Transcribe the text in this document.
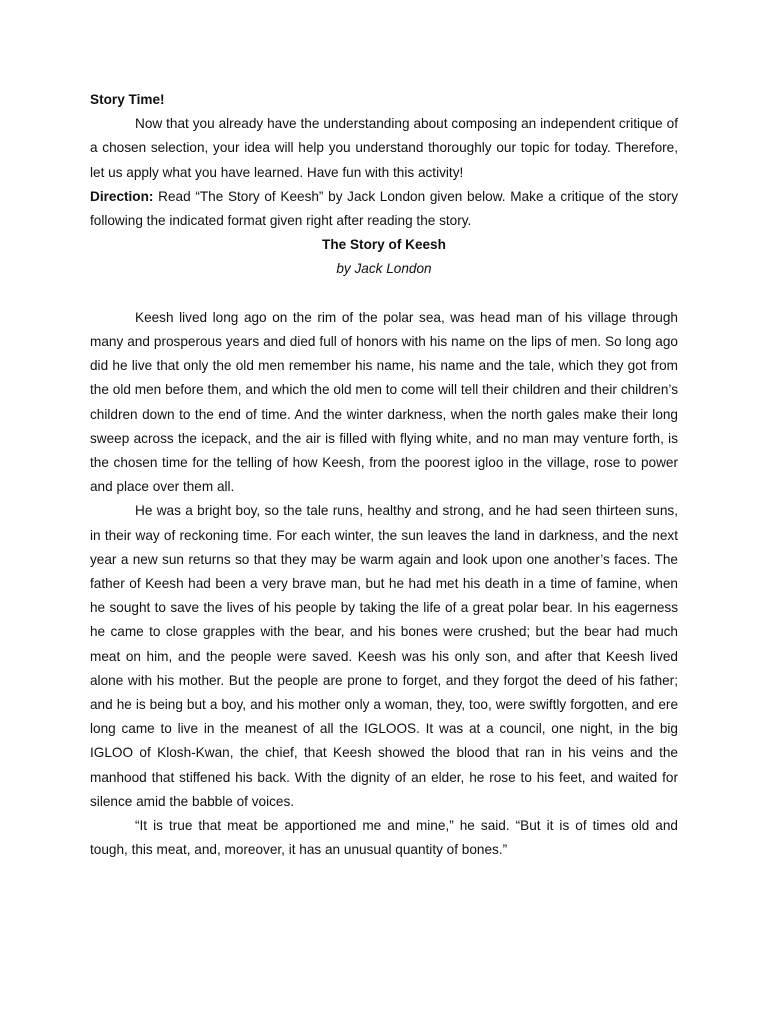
Story Time!

Now that you already have the understanding about composing an independent critique of a chosen selection, your idea will help you understand thoroughly our topic for today. Therefore, let us apply what you have learned. Have fun with this activity!

Direction: Read “The Story of Keesh” by Jack London given below. Make a critique of the story following the indicated format given right after reading the story.

The Story of Keesh

by Jack London

Keesh lived long ago on the rim of the polar sea, was head man of his village through many and prosperous years and died full of honors with his name on the lips of men. So long ago did he live that only the old men remember his name, his name and the tale, which they got from the old men before them, and which the old men to come will tell their children and their children’s children down to the end of time. And the winter darkness, when the north gales make their long sweep across the icepack, and the air is filled with flying white, and no man may venture forth, is the chosen time for the telling of how Keesh, from the poorest igloo in the village, rose to power and place over them all.

He was a bright boy, so the tale runs, healthy and strong, and he had seen thirteen suns, in their way of reckoning time. For each winter, the sun leaves the land in darkness, and the next year a new sun returns so that they may be warm again and look upon one another’s faces. The father of Keesh had been a very brave man, but he had met his death in a time of famine, when he sought to save the lives of his people by taking the life of a great polar bear. In his eagerness he came to close grapples with the bear, and his bones were crushed; but the bear had much meat on him, and the people were saved. Keesh was his only son, and after that Keesh lived alone with his mother. But the people are prone to forget, and they forgot the deed of his father; and he is being but a boy, and his mother only a woman, they, too, were swiftly forgotten, and ere long came to live in the meanest of all the IGLOOS. It was at a council, one night, in the big IGLOO of Klosh-Kwan, the chief, that Keesh showed the blood that ran in his veins and the manhood that stiffened his back. With the dignity of an elder, he rose to his feet, and waited for silence amid the babble of voices.

“It is true that meat be apportioned me and mine,” he said. “But it is of times old and tough, this meat, and, moreover, it has an unusual quantity of bones.”
